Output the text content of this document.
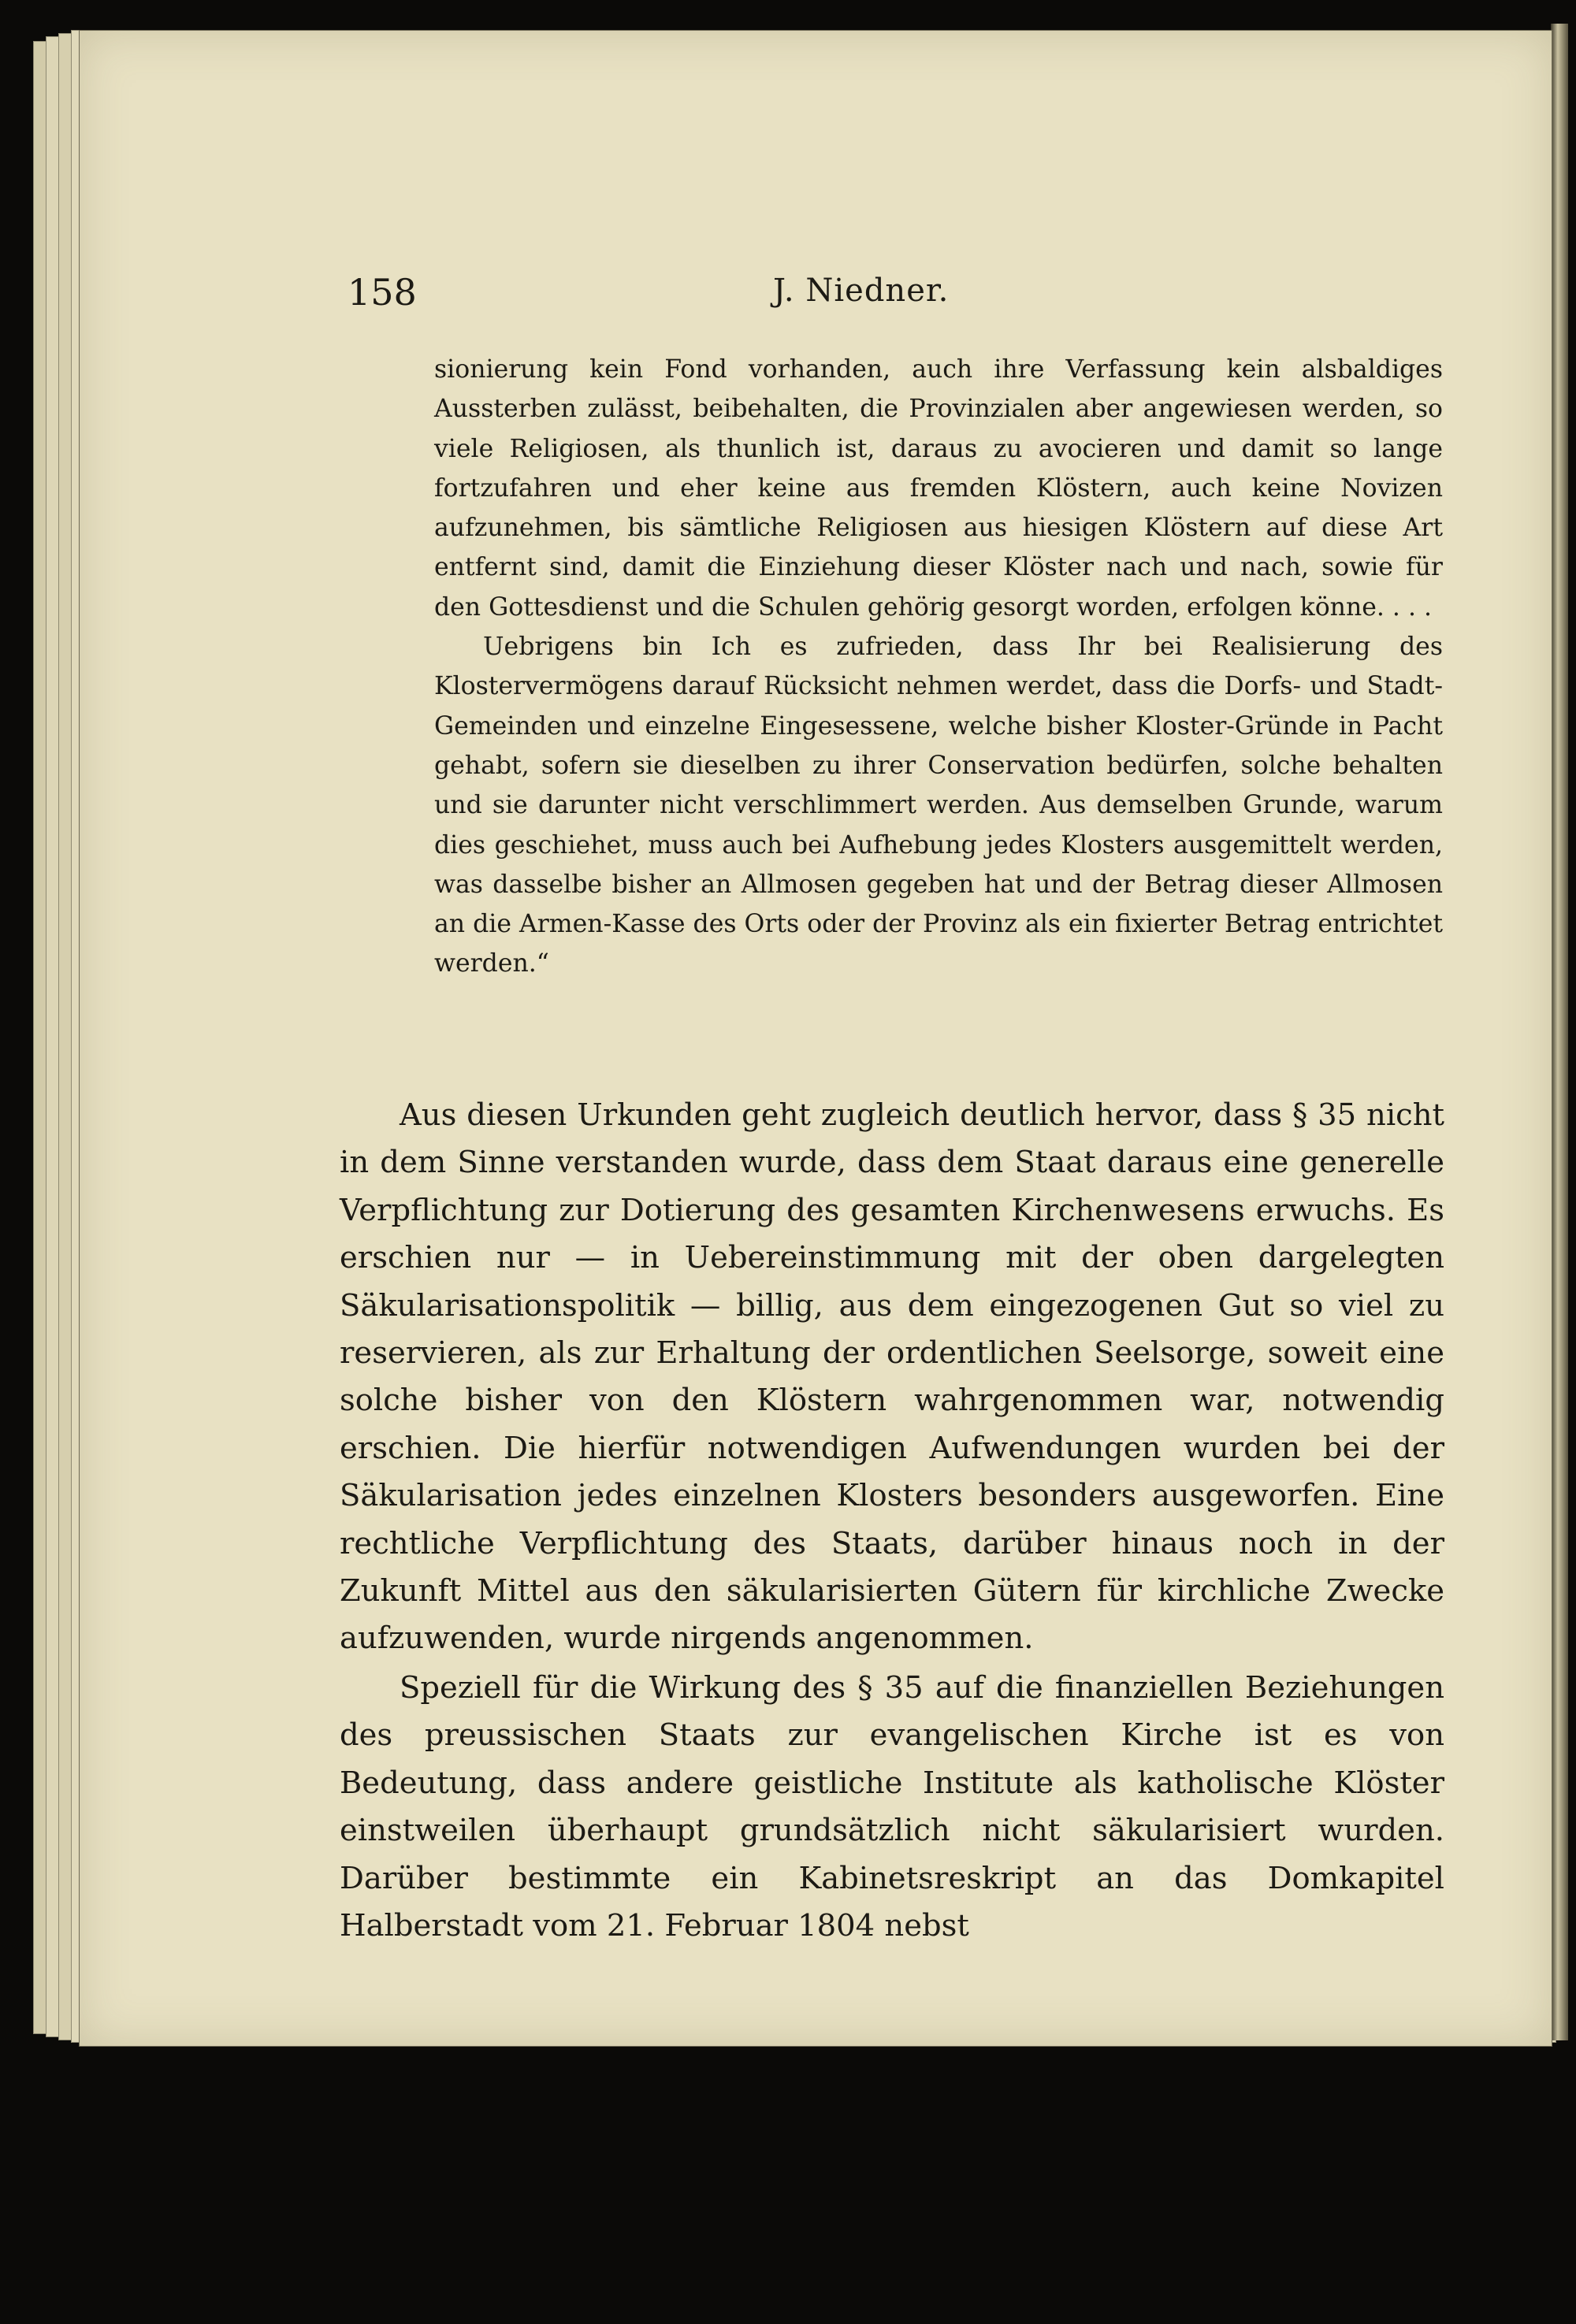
158	J. Niedner.

sionierung kein Fond vorhanden, auch ihre Verfassung kein alsbaldiges Aussterben zulässt, beibehalten, die Provinzialen aber angewiesen werden, so viele Religiosen, als thunlich ist, daraus zu avocieren und damit so lange fortzufahren und eher keine aus fremden Klöstern, auch keine Novizen aufzunehmen, bis sämtliche Religiosen aus hiesigen Klöstern auf diese Art entfernt sind, damit die Einziehung dieser Klöster nach und nach, sowie für den Gottesdienst und die Schulen gehörig gesorgt worden, erfolgen könne. . . .

Uebrigens bin Ich es zufrieden, dass Ihr bei Realisierung des Klostervermögens darauf Rücksicht nehmen werdet, dass die Dorfs- und Stadt-Gemeinden und einzelne Eingesessene, welche bisher Kloster-Gründe in Pacht gehabt, sofern sie dieselben zu ihrer Conservation bedürfen, solche behalten und sie darunter nicht verschlimmert werden. Aus demselben Grunde, warum dies geschiehet, muss auch bei Aufhebung jedes Klosters ausgemittelt werden, was dasselbe bisher an Allmosen gegeben hat und der Betrag dieser Allmosen an die Armen-Kasse des Orts oder der Provinz als ein fixierter Betrag entrichtet werden.“

Aus diesen Urkunden geht zugleich deutlich hervor, dass § 35 nicht in dem Sinne verstanden wurde, dass dem Staat daraus eine generelle Verpflichtung zur Dotierung des gesamten Kirchenwesens erwuchs. Es erschien nur — in Uebereinstimmung mit der oben dargelegten Säkularisationspolitik — billig, aus dem eingezogenen Gut so viel zu reservieren, als zur Erhaltung der ordentlichen Seelsorge, soweit eine solche bisher von den Klöstern wahrgenommen war, notwendig erschien. Die hierfür notwendigen Aufwendungen wurden bei der Säkularisation jedes einzelnen Klosters besonders ausgeworfen. Eine rechtliche Verpflichtung des Staats, darüber hinaus noch in der Zukunft Mittel aus den säkularisierten Gütern für kirchliche Zwecke aufzuwenden, wurde nirgends angenommen.

Speziell für die Wirkung des § 35 auf die finanziellen Beziehungen des preussischen Staats zur evangelischen Kirche ist es von Bedeutung, dass andere geistliche Institute als katholische Klöster einstweilen überhaupt grundsätzlich nicht säkularisiert wurden. Darüber bestimmte ein Kabinetsreskript an das Domkapitel Halberstadt vom 21. Februar 1804 nebst
